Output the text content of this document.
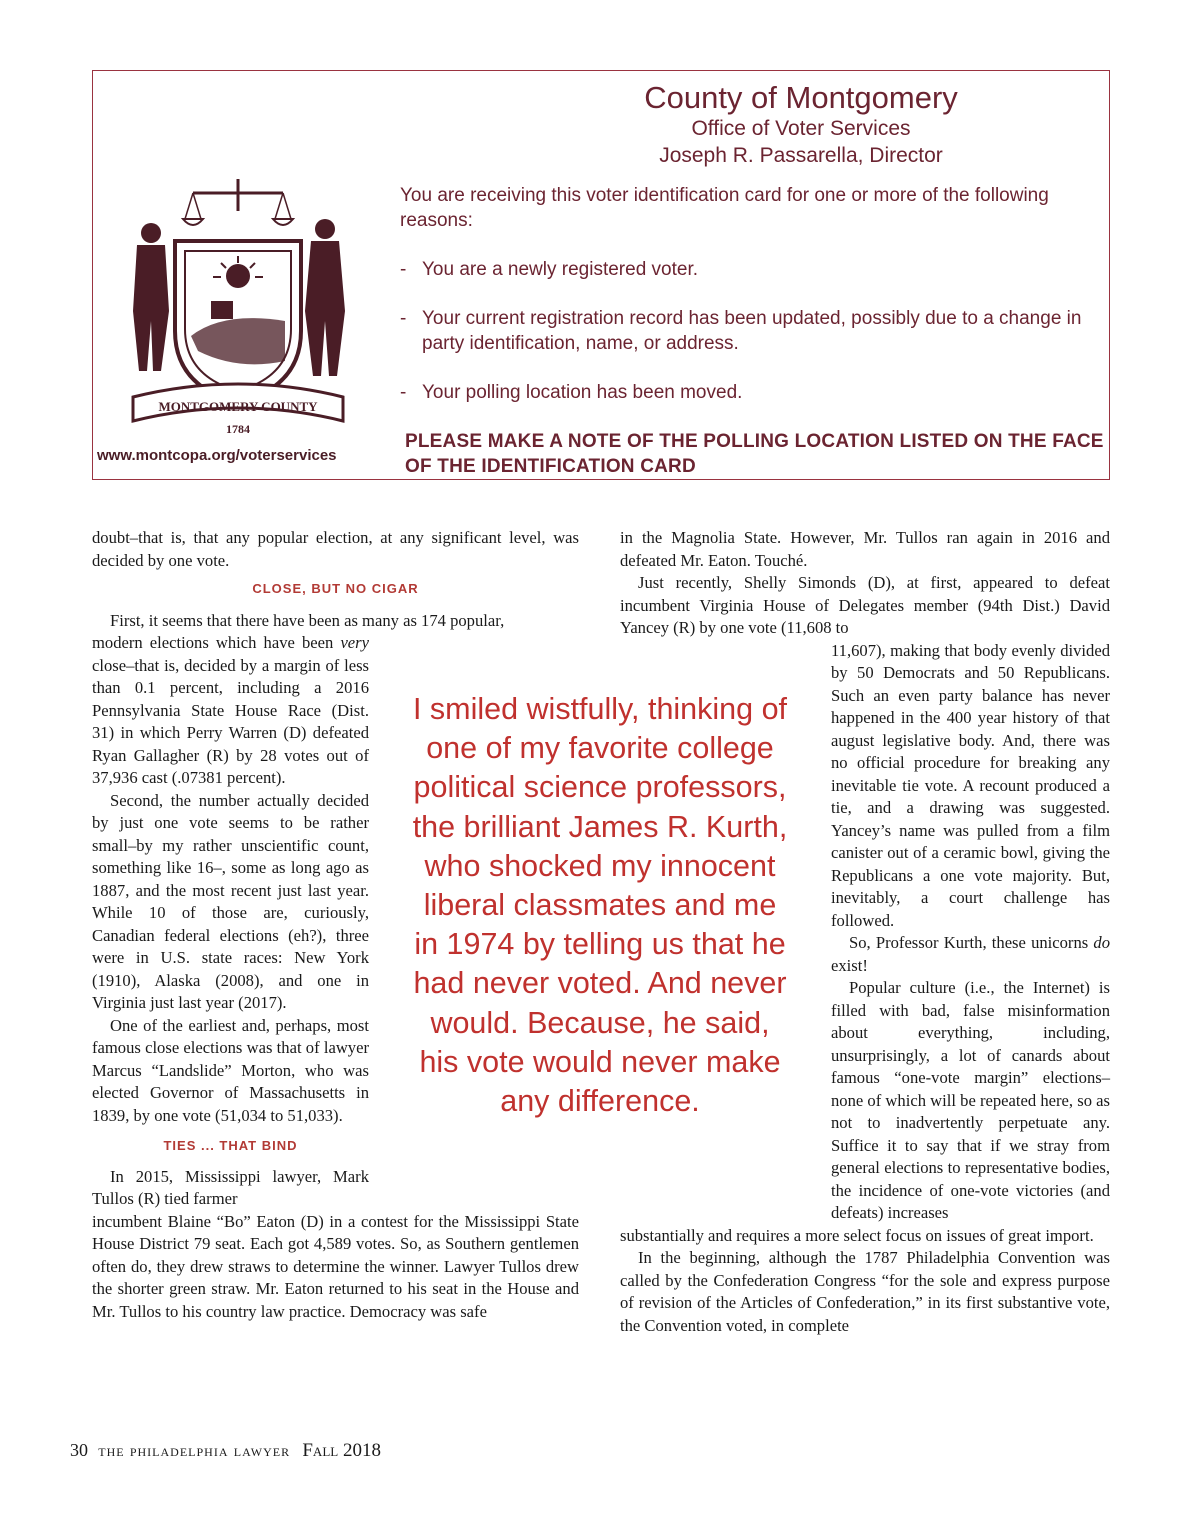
MONTGOMERY COUNTY
1784
County of Montgomery
Office of Voter Services
Joseph R. Passarella, Director
You are receiving this voter identification card for one or more of the following reasons:
- You are a newly registered voter.
- Your current registration record has been updated, possibly due to a change in party identification, name, or address.
- Your polling location has been moved.
PLEASE MAKE A NOTE OF THE POLLING LOCATION LISTED ON THE FACE OF THE IDENTIFICATION CARD
www.montcopa.org/voterservices

doubt–that is, that any popular election, at any significant level, was decided by one vote.

CLOSE, BUT NO CIGAR

First, it seems that there have been as many as 174 popular,

modern elections which have been very close–that is, decided by a margin of less than 0.1 percent, including a 2016 Pennsylvania State House Race (Dist. 31) in which Perry Warren (D) defeated Ryan Gallagher (R) by 28 votes out of 37,936 cast (.07381 percent).

Second, the number actually decided by just one vote seems to be rather small–by my rather unscientific count, something like 16–, some as long ago as 1887, and the most recent just last year. While 10 of those are, curiously, Canadian federal elections (eh?), three were in U.S. state races: New York (1910), Alaska (2008), and one in Virginia just last year (2017).

One of the earliest and, perhaps, most famous close elections was that of lawyer Marcus “Landslide” Morton, who was elected Governor of Massachusetts in 1839, by one vote (51,034 to 51,033).

TIES ... THAT BIND

In 2015, Mississippi lawyer, Mark Tullos (R) tied farmer

incumbent Blaine “Bo” Eaton (D) in a contest for the Mississippi State House District 79 seat. Each got 4,589 votes. So, as Southern gentlemen often do, they drew straws to determine the winner. Lawyer Tullos drew the shorter green straw. Mr. Eaton returned to his seat in the House and Mr. Tullos to his country law practice. Democracy was safe

I smiled wistfully, thinking of one of my favorite college political science professors, the brilliant James R. Kurth, who shocked my innocent liberal classmates and me in 1974 by telling us that he had never voted. And never would. Because, he said, his vote would never make any difference.

in the Magnolia State. However, Mr. Tullos ran again in 2016 and defeated Mr. Eaton. Touché.

Just recently, Shelly Simonds (D), at first, appeared to defeat incumbent Virginia House of Delegates member (94th Dist.) David Yancey (R) by one vote (11,608 to

11,607), making that body evenly divided by 50 Democrats and 50 Republicans. Such an even party balance has never happened in the 400 year history of that august legislative body. And, there was no official procedure for breaking any inevitable tie vote. A recount produced a tie, and a drawing was suggested. Yancey’s name was pulled from a film canister out of a ceramic bowl, giving the Republicans a one vote majority. But, inevitably, a court challenge has followed.

So, Professor Kurth, these unicorns do exist!

Popular culture (i.e., the Internet) is filled with bad, false misinformation about everything, including, unsurprisingly, a lot of canards about famous “one-vote margin” elections–none of which will be repeated here, so as not to inadvertently perpetuate any. Suffice it to say that if we stray from general elections to representative bodies, the incidence of one-vote victories (and defeats) increases

substantially and requires a more select focus on issues of great import.

In the beginning, although the 1787 Philadelphia Convention was called by the Confederation Congress “for the sole and express purpose of revision of the Articles of Confederation,” in its first substantive vote, the Convention voted, in complete

30 the philadelphia lawyer Fall 2018
